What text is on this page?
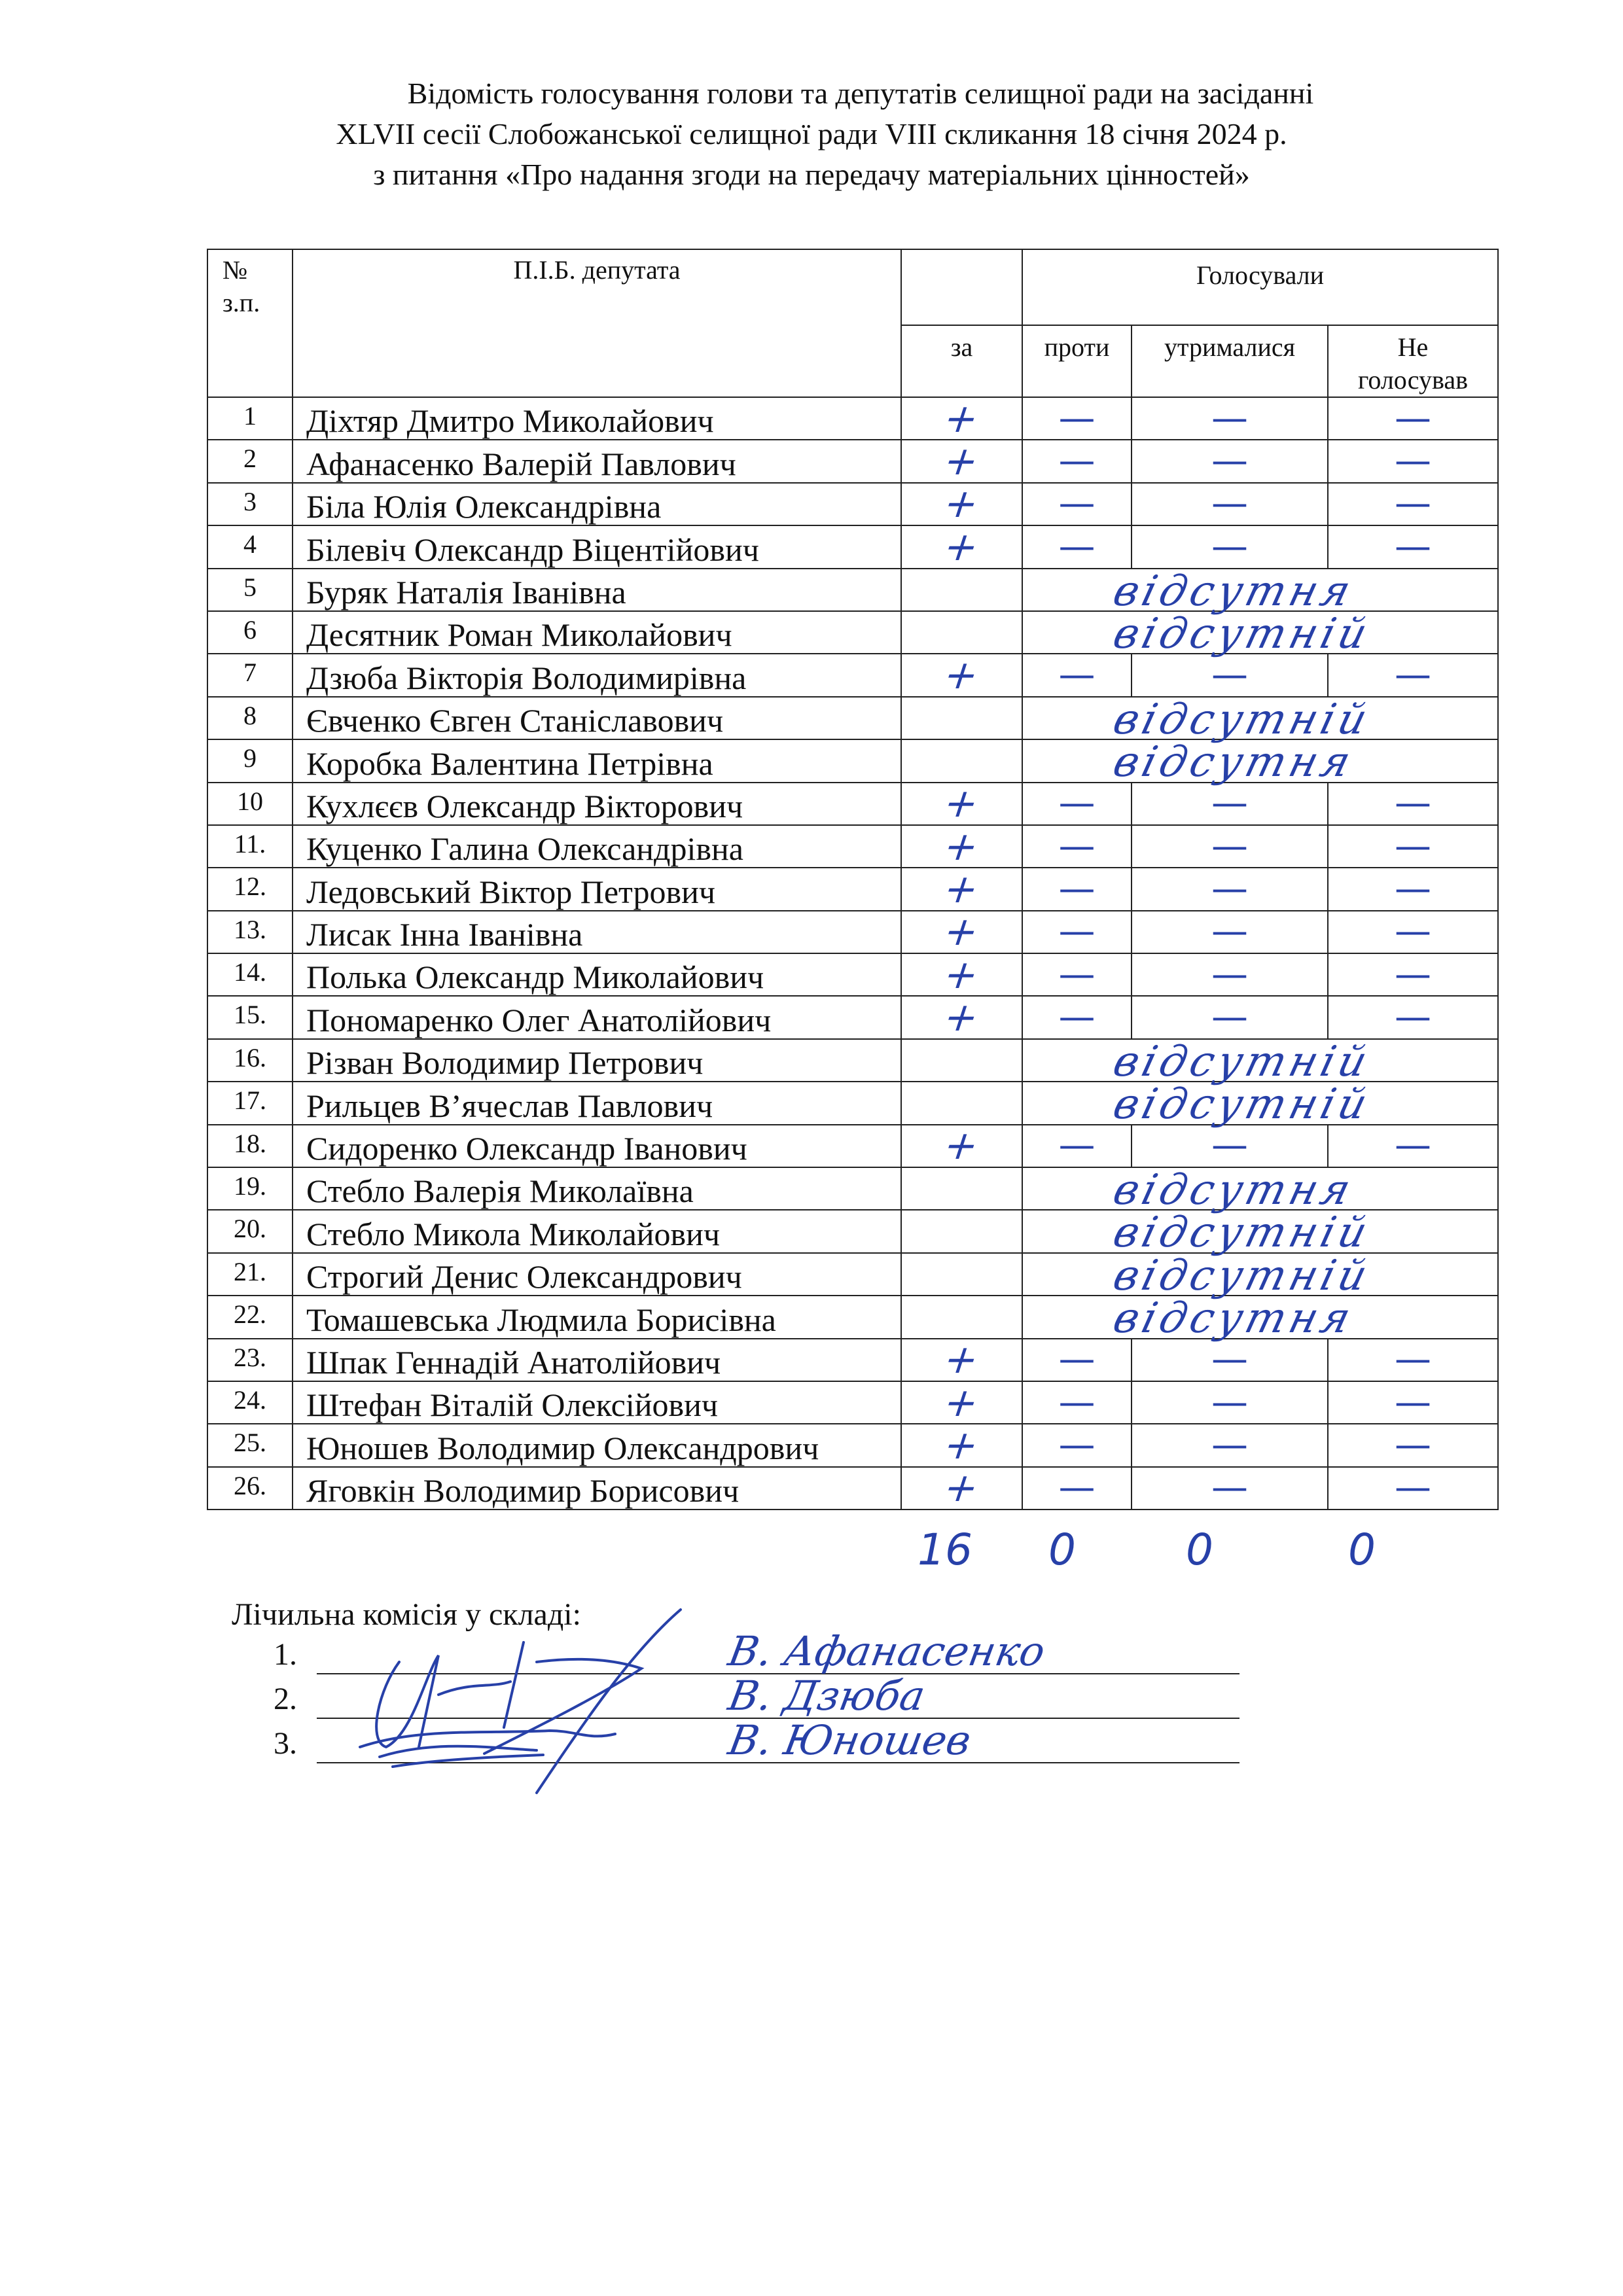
Відомість голосування голови та депутатів селищної ради на засіданні

XLVII сесії Слобожанської селищної ради VIII скликання 18 січня 2024 р.

з питання «Про надання згоди на передачу матеріальних цінностей»

№
з.п.	П.І.Б. депутата		Голосували		
		за	проти	утрималися	Не
голосував
1	Діхтяр Дмитро Миколайович	+	—	—	—
2	Афанасенко Валерій Павлович	+	—	—	—
3	Біла Юлія Олександрівна	+	—	—	—
4	Білевіч Олександр Віцентійович	+	—	—	—
5	Буряк Наталія Іванівна		відсутня		

6	Десятник Роман Миколайович		відсутній		

7	Дзюба Вікторія Володимирівна	+	—	—	—
8	Євченко Євген Станіславович		відсутній		

9	Коробка Валентина Петрівна		відсутня		

10	Кухлєєв Олександр Вікторович	+	—	—	—
11.	Куценко Галина Олександрівна	+	—	—	—
12.	Ледовський Віктор Петрович	+	—	—	—
13.	Лисак Інна Іванівна	+	—	—	—
14.	Полька Олександр Миколайович	+	—	—	—
15.	Пономаренко Олег Анатолійович	+	—	—	—
16.	Різван Володимир Петрович		відсутній		

17.	Рильцев В’ячеслав Павлович		відсутній		

18.	Сидоренко Олександр Іванович	+	—	—	—
19.	Стебло Валерія Миколаївна		відсутня		

20.	Стебло Микола Миколайович		відсутній		

21.	Строгий Денис Олександрович		відсутній		

22.	Томашевська Людмила Борисівна		відсутня		

23.	Шпак Геннадій Анатолійович	+	—	—	—
24.	Штефан Віталій Олексійович	+	—	—	—
25.	Юношев Володимир Олександрович	+	—	—	—
26.	Яговкін Володимир Борисович	+	—	—	—
16 0	0	0

Лічильна комісія у складі:

1.	В. Афанасенко
2.	В. Дзюба
3.	В. Юношев
